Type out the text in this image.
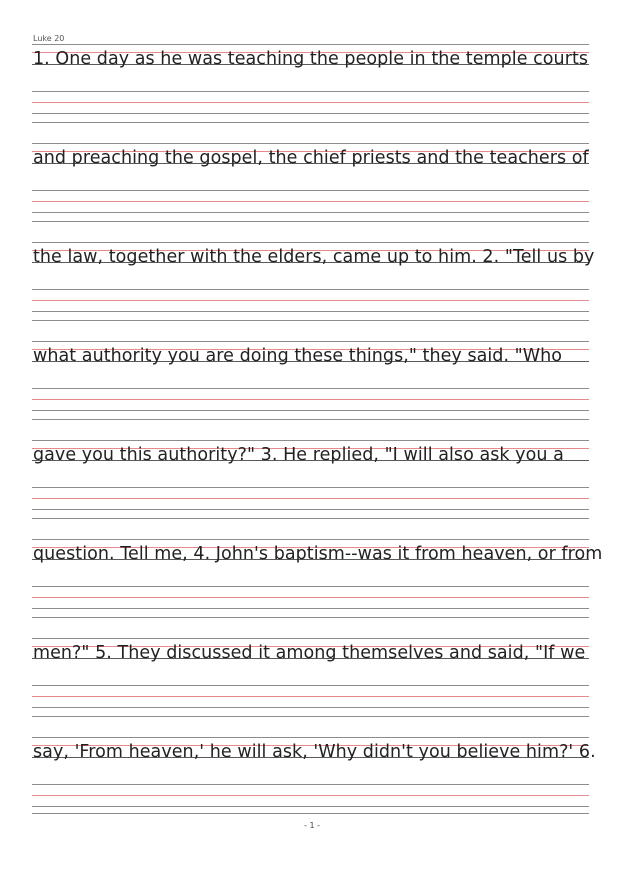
Luke 20
1. One day as he was teaching the people in the temple courts
and preaching the gospel, the chief priests and the teachers of
the law, together with the elders, came up to him. 2. "Tell us by
what authority you are doing these things," they said. "Who
gave you this authority?" 3. He replied, "I will also ask you a
question. Tell me, 4. John's baptism--was it from heaven, or from
men?" 5. They discussed it among themselves and said, "If we
say, 'From heaven,' he will ask, 'Why didn't you believe him?' 6.
- 1 -
